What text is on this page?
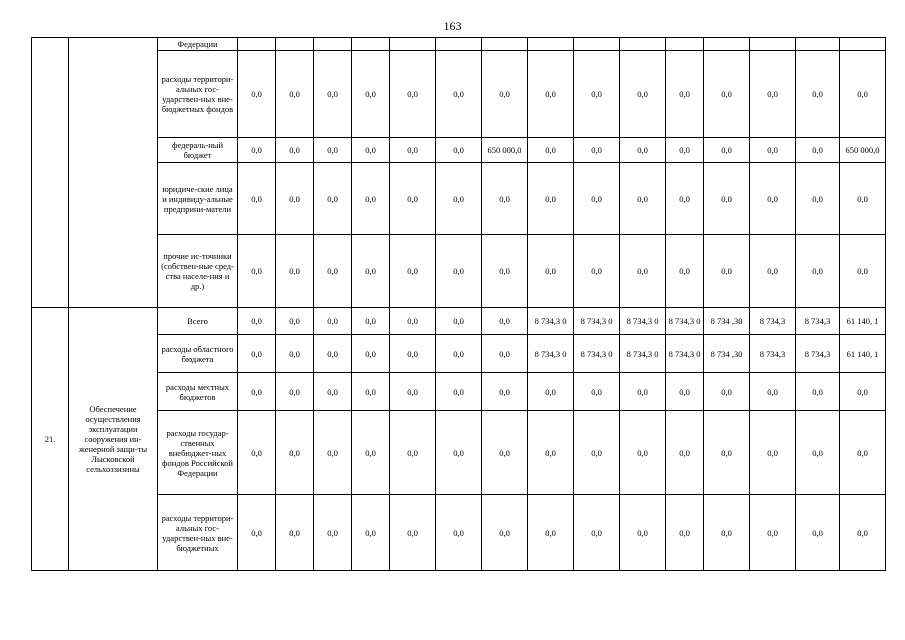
163
		Федерации															
		расходы территори-альных гос-ударствен-ных вне-бюджетных фондов	0,0	0,0	0,0	0,0	0,0	0,0	0,0	0,0	0,0	0,0	0,0	0,0	0,0	0,0	0,0
		федераль-ный бюджет	0,0	0,0	0,0	0,0	0,0	0,0	650 000,0	0,0	0,0	0,0	0,0	0,0	0,0	0,0	650 000,0
		юридиче-ские лица и индивиду-альные предприни-матели	0,0	0,0	0,0	0,0	0,0	0,0	0,0	0,0	0,0	0,0	0,0	0,0	0,0	0,0	0,0
		прочие ис-точники (собствен-ные сред-ства населе-ния и др.)	0,0	0,0	0,0	0,0	0,0	0,0	0,0	0,0	0,0	0,0	0,0	0,0	0,0	0,0	0,0
21.	Обеспечение осуществления эксплуатации сооружения ин-женерной защи-ты Лысковской сельхоззизины	Всего	0,0	0,0	0,0	0,0	0,0	0,0	0,0	8 734,3 0	8 734,3 0	8 734,3 0	8 734,3 0	8 734 ,30	8 734,3	8 734,3	61 140, 1
		расходы областного бюджета	0,0	0,0	0,0	0,0	0,0	0,0	0,0	8 734,3 0	8 734,3 0	8 734,3 0	8 734,3 0	8 734 ,30	8 734,3	8 734,3	61 140, 1
		расходы местных бюджетов	0,0	0,0	0,0	0,0	0,0	0,0	0,0	0,0	0,0	0,0	0,0	0,0	0,0	0,0	0,0
		расходы государ-ственных внебюджет-ных фондов Российской Федерации	0,0	0,0	0,0	0,0	0,0	0,0	0,0	0,0	0,0	0,0	0,0	0,0	0,0	0,0	0,0
		расходы территори-альных гос-ударствен-ных вне-бюджетных	0,0	0,0	0,0	0,0	0,0	0,0	0,0	0,0	0,0	0,0	0,0	0,0	0,0	0,0	0,0
